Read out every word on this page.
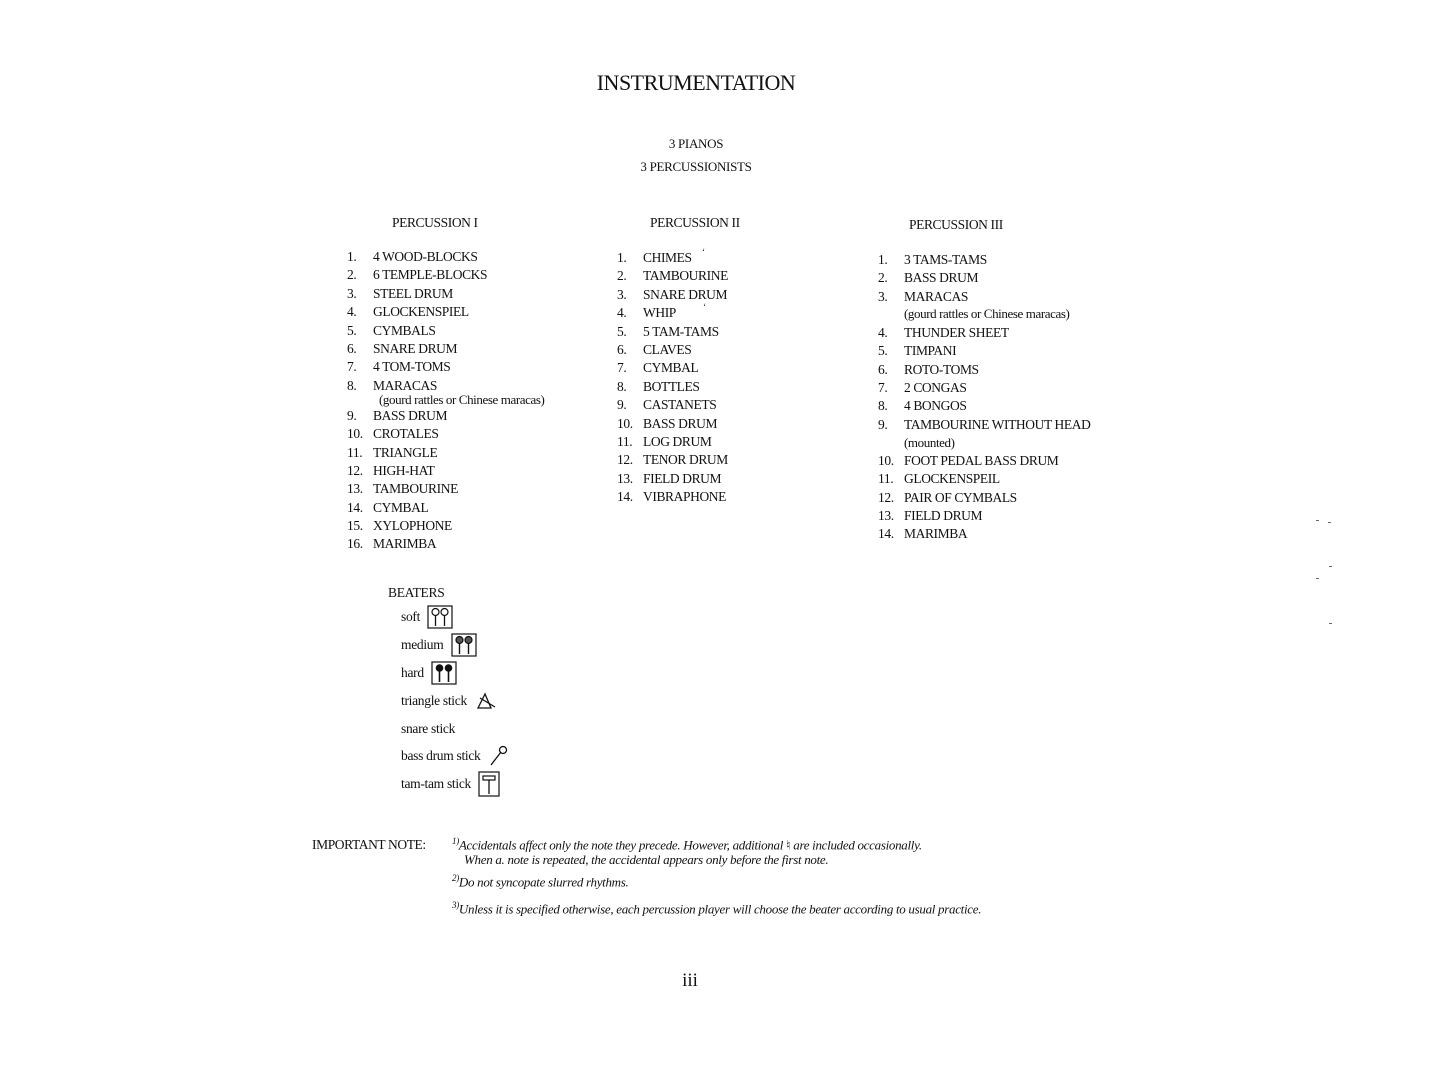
INSTRUMENTATION
3 PIANOS
3 PERCUSSIONISTS
PERCUSSION I
1.	4 WOOD-BLOCKS
2.	6 TEMPLE-BLOCKS
3.	STEEL DRUM
4.	GLOCKENSPIEL
5.	CYMBALS
6.	SNARE DRUM
7.	4 TOM-TOMS
8.	MARACAS
(gourd rattles or Chinese maracas)
9.	BASS DRUM
10. CROTALES
11. TRIANGLE
12. HIGH-HAT
13. TAMBOURINE
14. CYMBAL
15. XYLOPHONE
16. MARIMBA
PERCUSSION II
1.	CHIMES ʻ
2.	TAMBOURINE
3.	SNARE DRUM
4.	WHIP	ʻ
5.	5 TAM-TAMS
6.	CLAVES
7.	CYMBAL
8.	BOTTLES
9.	CASTANETS
10. BASS DRUM
11. LOG DRUM
12. TENOR DRUM
13. FIELD DRUM
14. VIBRAPHONE
PERCUSSION III
1.	3 TAMS-TAMS
2.	BASS DRUM
3.	MARACAS
(gourd rattles or Chinese maracas)
4.	THUNDER SHEET
5.	TIMPANI
6.	ROTO-TOMS
7.	2 CONGAS
8.	4 BONGOS
9.	TAMBOURINE WITHOUT HEAD
(mounted)
10. FOOT PEDAL BASS DRUM
11. GLOCKENSPEIL
12. PAIR OF CYMBALS
13. FIELD DRUM
14. MARIMBA
BEATERS
soft
medium
hard
triangle stick
snare stick
bass drum stick
tam-tam stick
IMPORTANT NOTE:	$^{1)}$Accidentals affect only the note they precede. However, additional ♮ are included occasionally.
When a. note is repeated, the accidental appears only before the first note.
$^{2)}$Do not syncopate slurred rhythms.
$^{3)}$Unless it is specified otherwise, each percussion player will choose the beater according to usual practice.
iii
